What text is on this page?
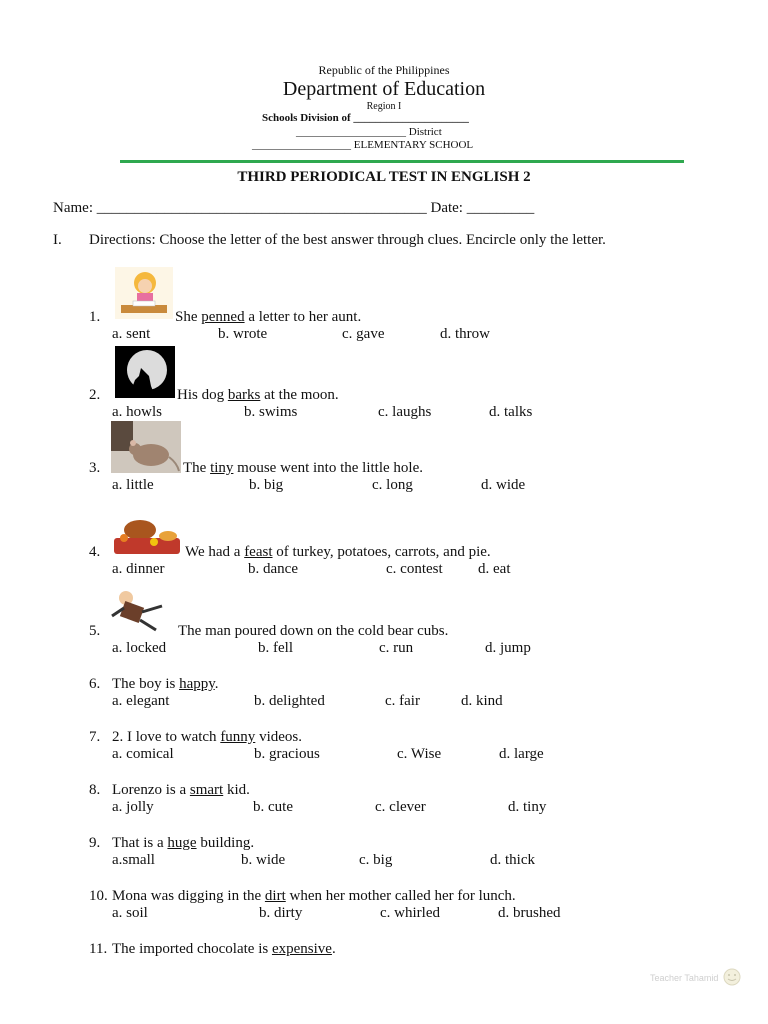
Republic of the Philippines
Department of Education
Region I
Schools Division of _____________________
____________________ District
__________________ ELEMENTARY SCHOOL
THIRD PERIODICAL TEST IN ENGLISH 2
Name: ____________________________________________ Date: _________
I. Directions: Choose the letter of the best answer through clues. Encircle only the letter.
1.	She penned a letter to her aunt.
a. sent	b. wrote	c. gave	d. throw
2.	His dog barks at the moon.
a. howls	b. swims	c. laughs	d. talks
3.	The tiny mouse went into the little hole.
a. little	b. big	c. long	d. wide
4.	We had a feast of turkey, potatoes, carrots, and pie.
a. dinner	b. dance	c. contest d. eat
5.	The man poured down on the cold bear cubs.
a. locked	b. fell	c. run	d. jump
6. The boy is happy.
a. elegant	b. delighted	c. fair	d. kind
7. 2. I love to watch funny videos.
a. comical	b. gracious	c. Wise	d. large
8. Lorenzo is a smart kid.
a. jolly	b. cute	c. clever	d. tiny
9. That is a huge building.
a.small	b. wide	c. big	d. thick
10. Mona was digging in the dirt when her mother called her for lunch.
a. soil	b. dirty	c. whirled	d. brushed
11. The imported chocolate is expensive.
Teacher Tahamid
